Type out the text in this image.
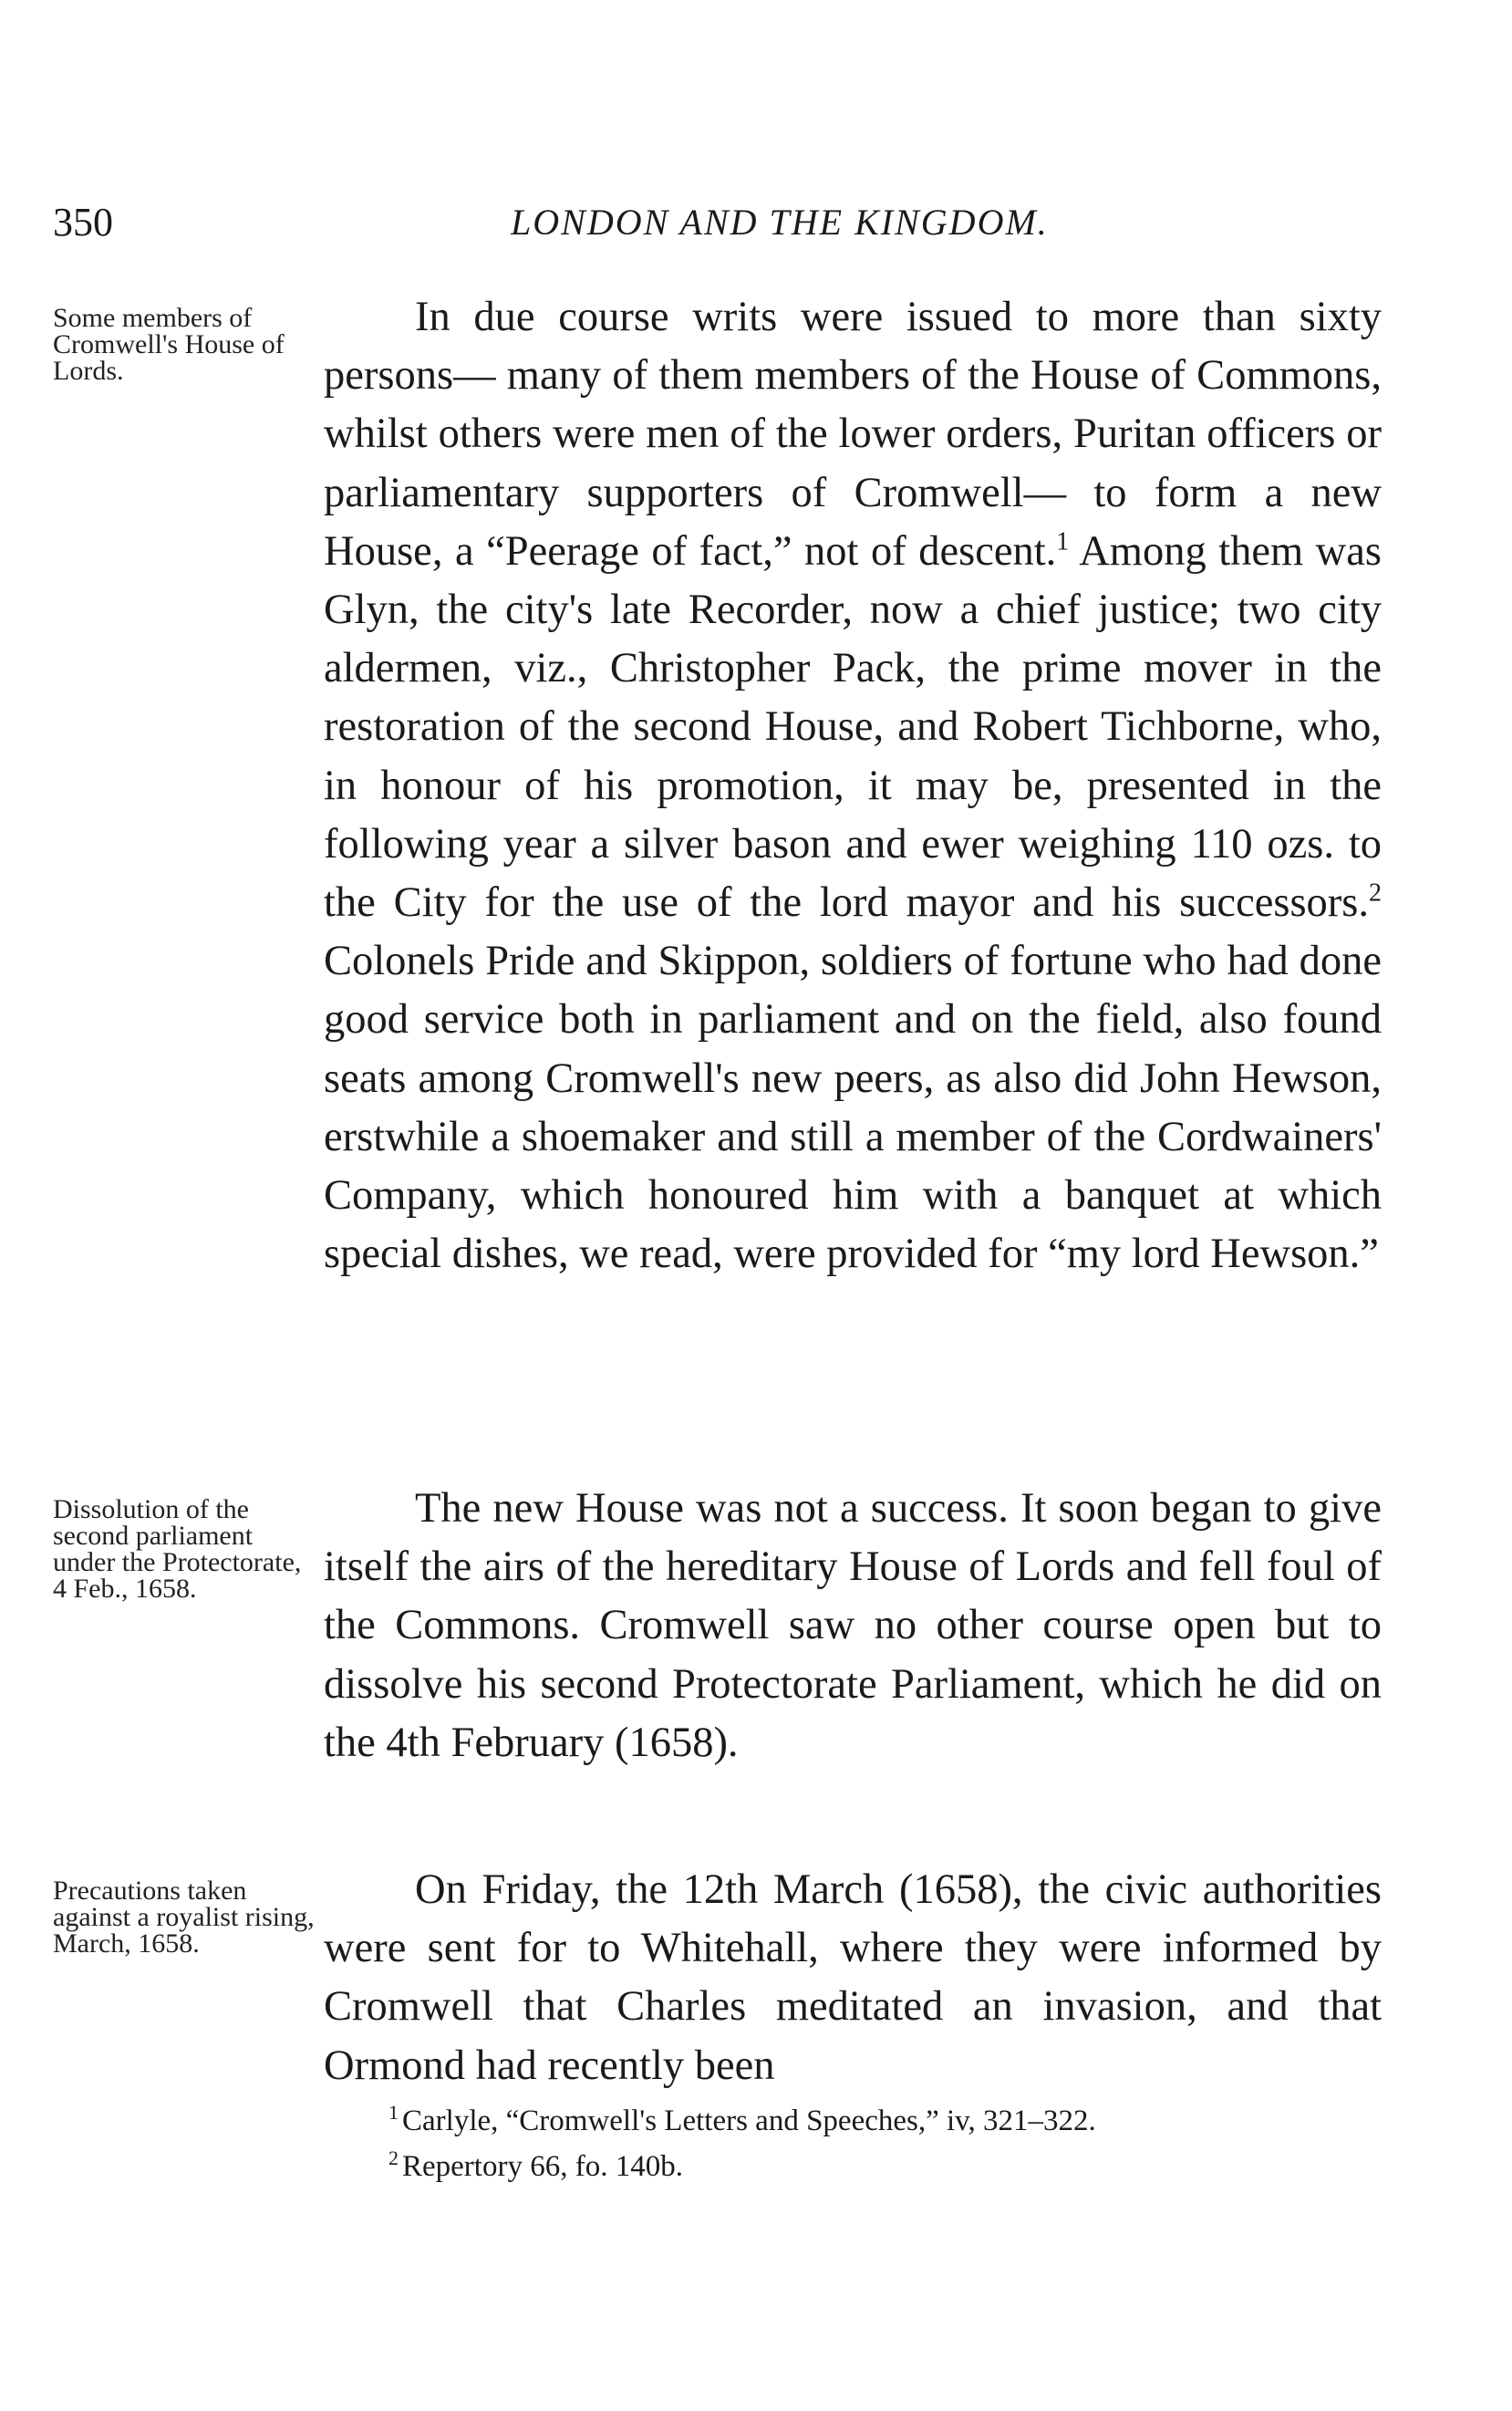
350	LONDON AND THE KINGDOM.
Some members of Cromwell's House of Lords.
Dissolution of the second parliament under the Protectorate, 4 Feb., 1658.
Precautions taken against a royalist rising, March, 1658.

In due course writs were issued to more than sixty persons— many of them members of the House of Commons, whilst others were men of the lower orders, Puritan officers or parliamentary supporters of Cromwell— to form a new House, a “Peerage of fact,” not of descent.$^1$ Among them was Glyn, the city's late Recorder, now a chief justice; two city aldermen, viz., Christopher Pack, the prime mover in the restoration of the second House, and Robert Tichborne, who, in honour of his promotion, it may be, presented in the following year a silver bason and ewer weighing 110 ozs. to the City for the use of the lord mayor and his successors.$^2$ Colonels Pride and Skippon, soldiers of fortune who had done good service both in parliament and on the field, also found seats among Cromwell's new peers, as also did John Hewson, erstwhile a shoemaker and still a member of the Cordwainers' Company, which honoured him with a banquet at which special dishes, we read, were provided for “my lord Hewson.”

The new House was not a success. It soon began to give itself the airs of the hereditary House of Lords and fell foul of the Commons. Cromwell saw no other course open but to dissolve his second Protectorate Parliament, which he did on the 4th February (1658).

On Friday, the 12th March (1658), the civic authorities were sent for to Whitehall, where they were informed by Cromwell that Charles meditated an invasion, and that Ormond had recently been

$^1$ Carlyle, “Cromwell's Letters and Speeches,” iv, 321–322.
$^2$ Repertory 66, fo. 140b.
